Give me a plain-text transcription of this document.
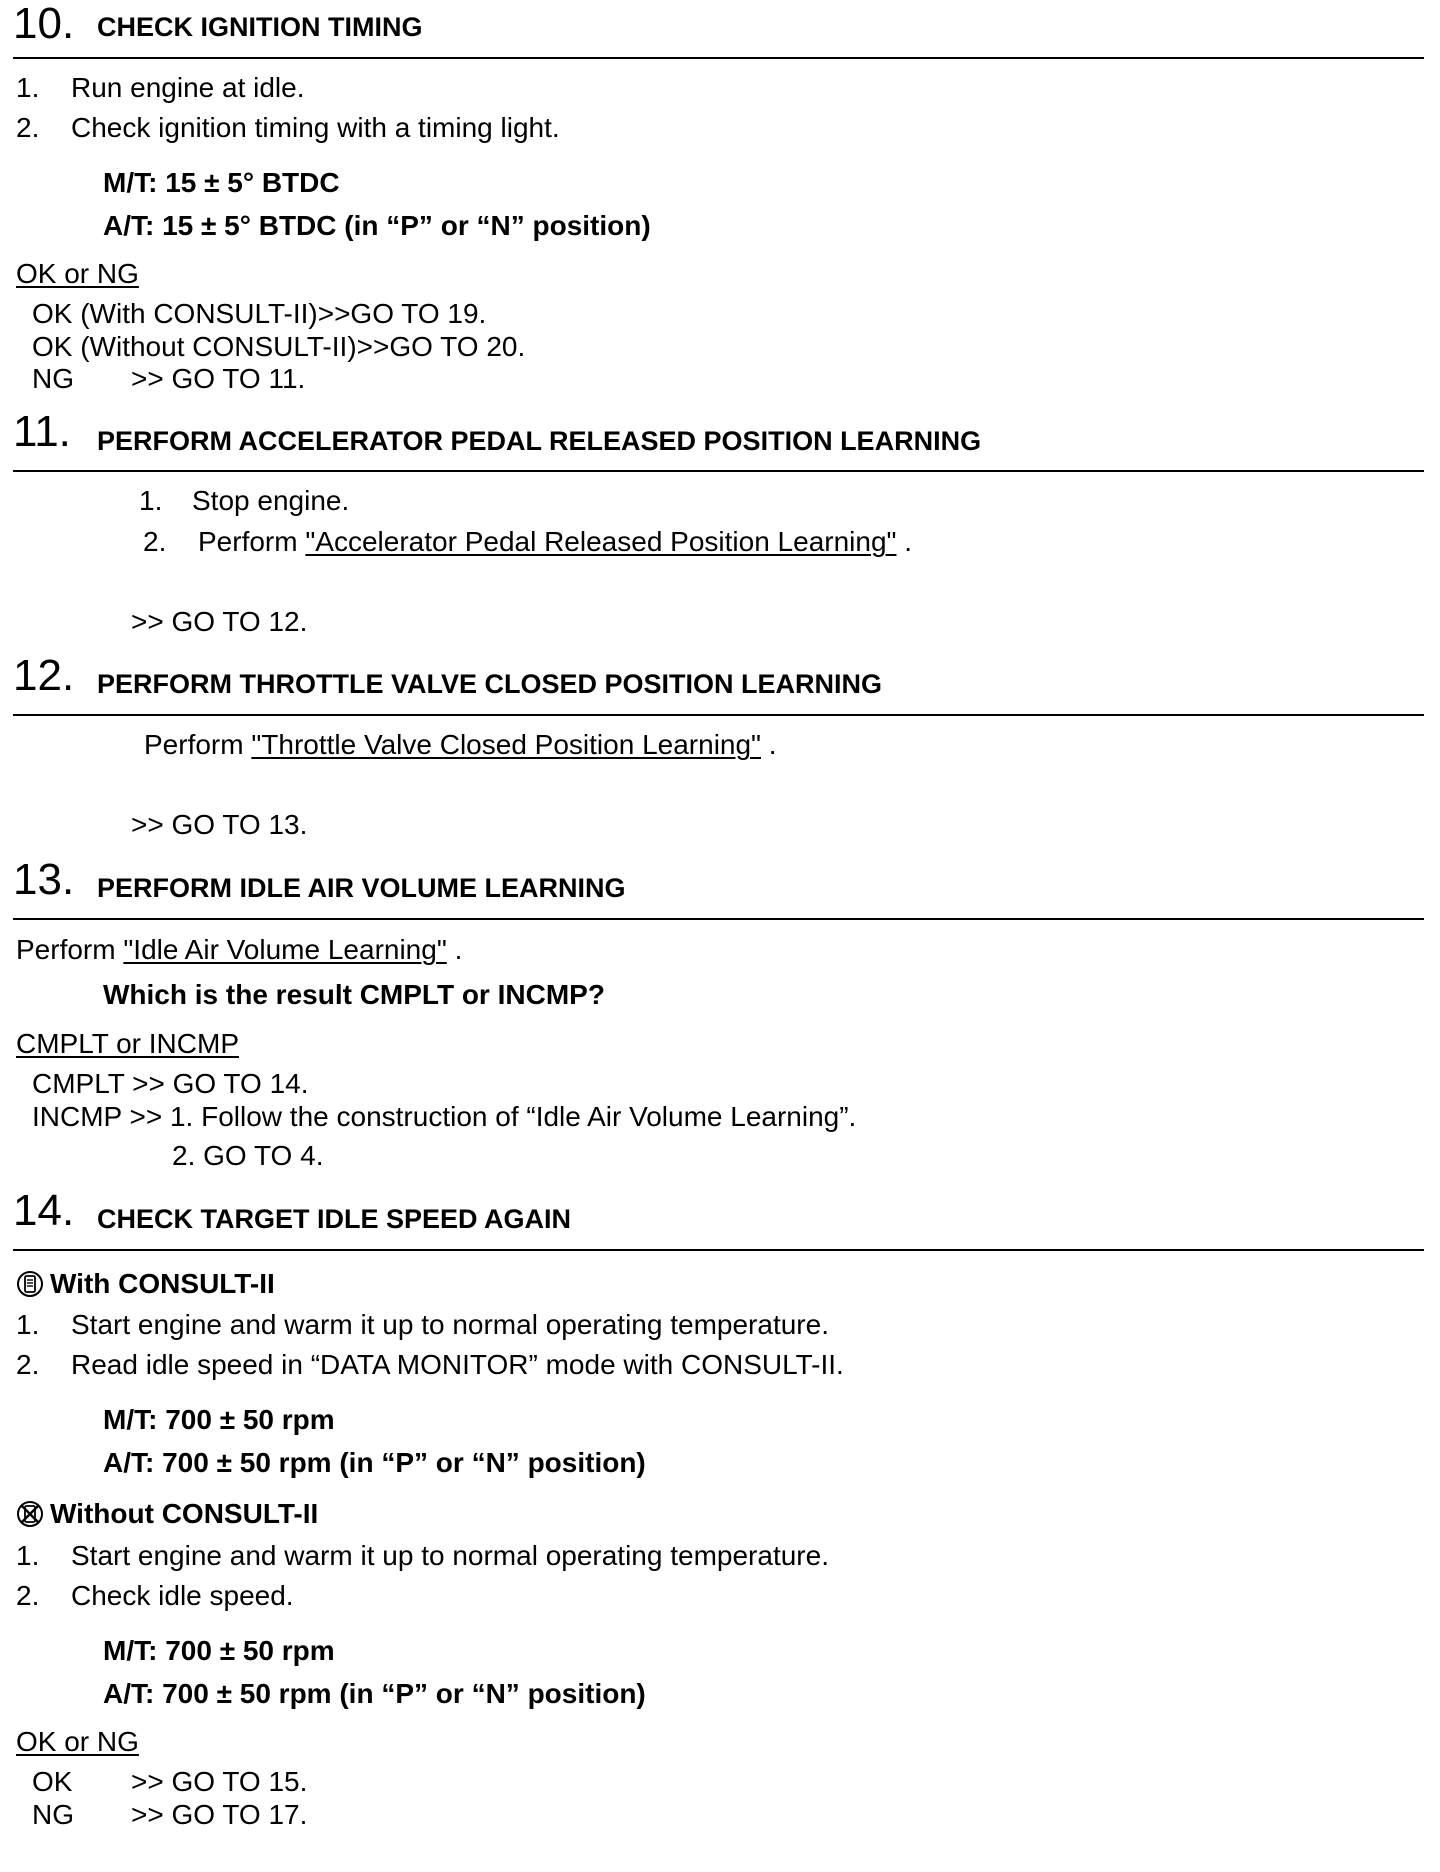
10. CHECK IGNITION TIMING
1. Run engine at idle.
2. Check ignition timing with a timing light.
M/T: 15 ± 5° BTDC
A/T: 15 ± 5° BTDC (in “P” or “N” position)
OK or NG
OK (With CONSULT-II)>>GO TO 19.
OK (Without CONSULT-II)>>GO TO 20.
NG >> GO TO 11.
11. PERFORM ACCELERATOR PEDAL RELEASED POSITION LEARNING
1. Stop engine.
2. Perform "Accelerator Pedal Released Position Learning" .
>> GO TO 12.
12. PERFORM THROTTLE VALVE CLOSED POSITION LEARNING
Perform "Throttle Valve Closed Position Learning" .
>> GO TO 13.
13. PERFORM IDLE AIR VOLUME LEARNING
Perform "Idle Air Volume Learning" .
Which is the result CMPLT or INCMP?
CMPLT or INCMP
CMPLT >> GO TO 14.
INCMP >> 1. Follow the construction of “Idle Air Volume Learning”.
2. GO TO 4.
14. CHECK TARGET IDLE SPEED AGAIN
With CONSULT-II
1. Start engine and warm it up to normal operating temperature.
2. Read idle speed in “DATA MONITOR” mode with CONSULT-II.
M/T: 700 ± 50 rpm
A/T: 700 ± 50 rpm (in “P” or “N” position)
Without CONSULT-II
1. Start engine and warm it up to normal operating temperature.
2. Check idle speed.
M/T: 700 ± 50 rpm
A/T: 700 ± 50 rpm (in “P” or “N” position)
OK or NG
OK >> GO TO 15.
NG >> GO TO 17.
